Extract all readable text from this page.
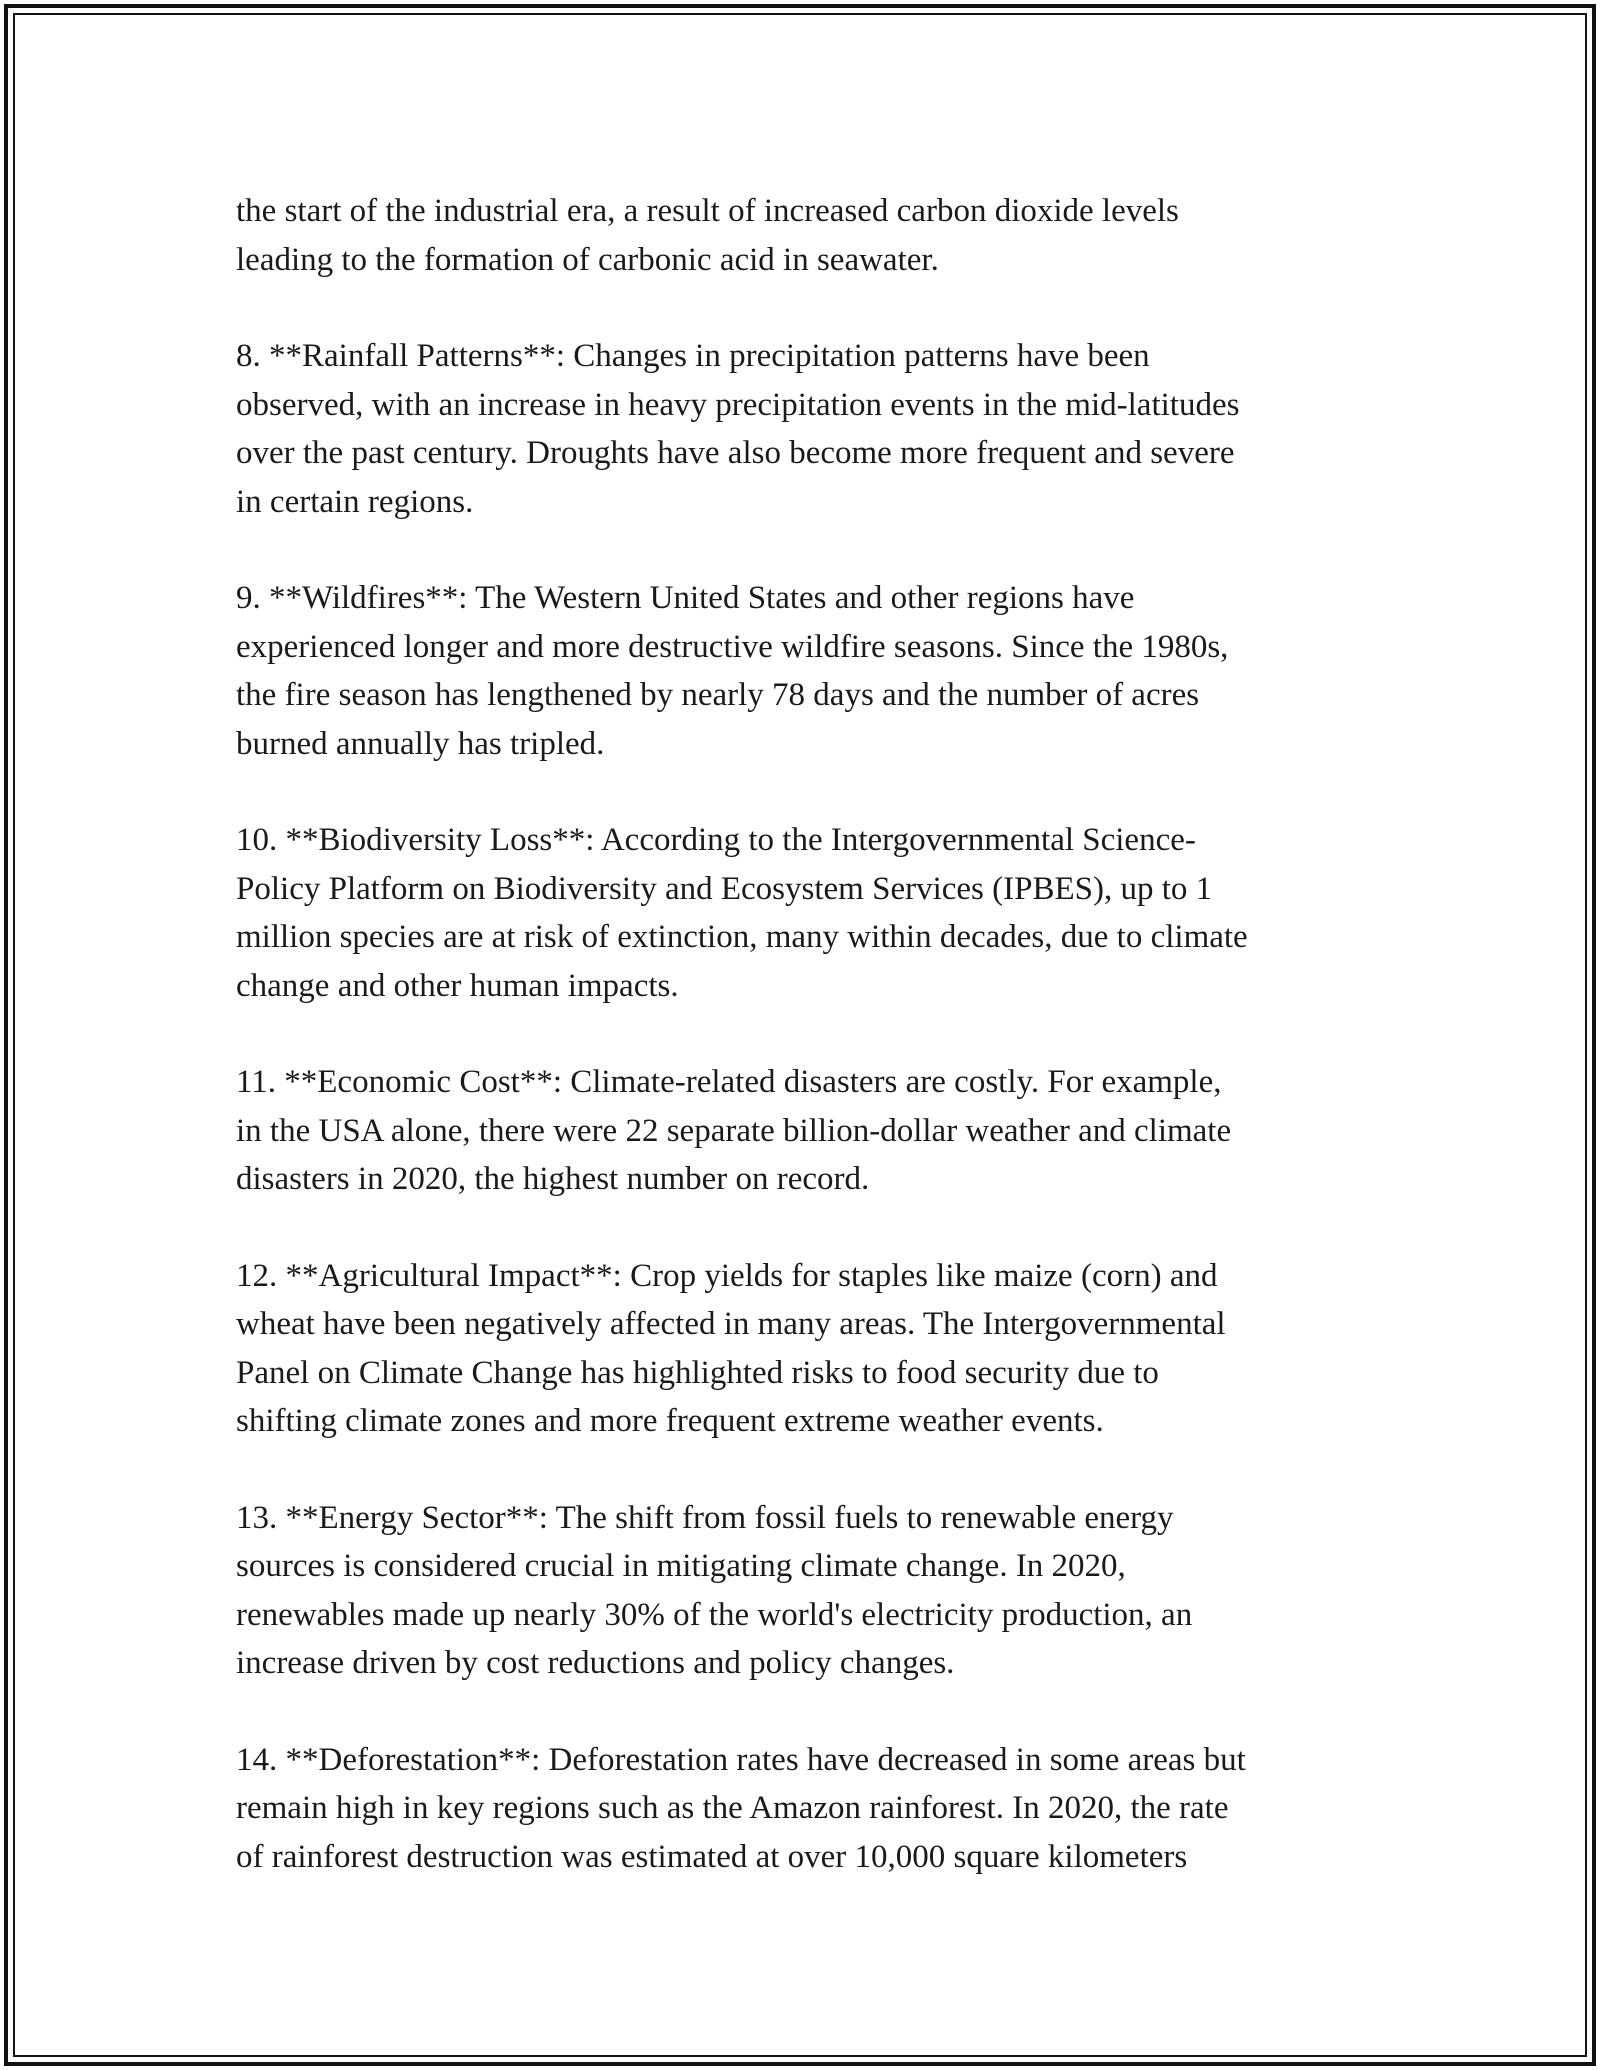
the start of the industrial era, a result of increased carbon dioxide levels
leading to the formation of carbonic acid in seawater.

8. **Rainfall Patterns**: Changes in precipitation patterns have been
observed, with an increase in heavy precipitation events in the mid-latitudes
over the past century. Droughts have also become more frequent and severe
in certain regions.

9. **Wildfires**: The Western United States and other regions have
experienced longer and more destructive wildfire seasons. Since the 1980s,
the fire season has lengthened by nearly 78 days and the number of acres
burned annually has tripled.

10. **Biodiversity Loss**: According to the Intergovernmental Science-
Policy Platform on Biodiversity and Ecosystem Services (IPBES), up to 1
million species are at risk of extinction, many within decades, due to climate
change and other human impacts.

11. **Economic Cost**: Climate-related disasters are costly. For example,
in the USA alone, there were 22 separate billion-dollar weather and climate
disasters in 2020, the highest number on record.

12. **Agricultural Impact**: Crop yields for staples like maize (corn) and
wheat have been negatively affected in many areas. The Intergovernmental
Panel on Climate Change has highlighted risks to food security due to
shifting climate zones and more frequent extreme weather events.

13. **Energy Sector**: The shift from fossil fuels to renewable energy
sources is considered crucial in mitigating climate change. In 2020,
renewables made up nearly 30% of the world's electricity production, an
increase driven by cost reductions and policy changes.

14. **Deforestation**: Deforestation rates have decreased in some areas but
remain high in key regions such as the Amazon rainforest. In 2020, the rate
of rainforest destruction was estimated at over 10,000 square kilometers
